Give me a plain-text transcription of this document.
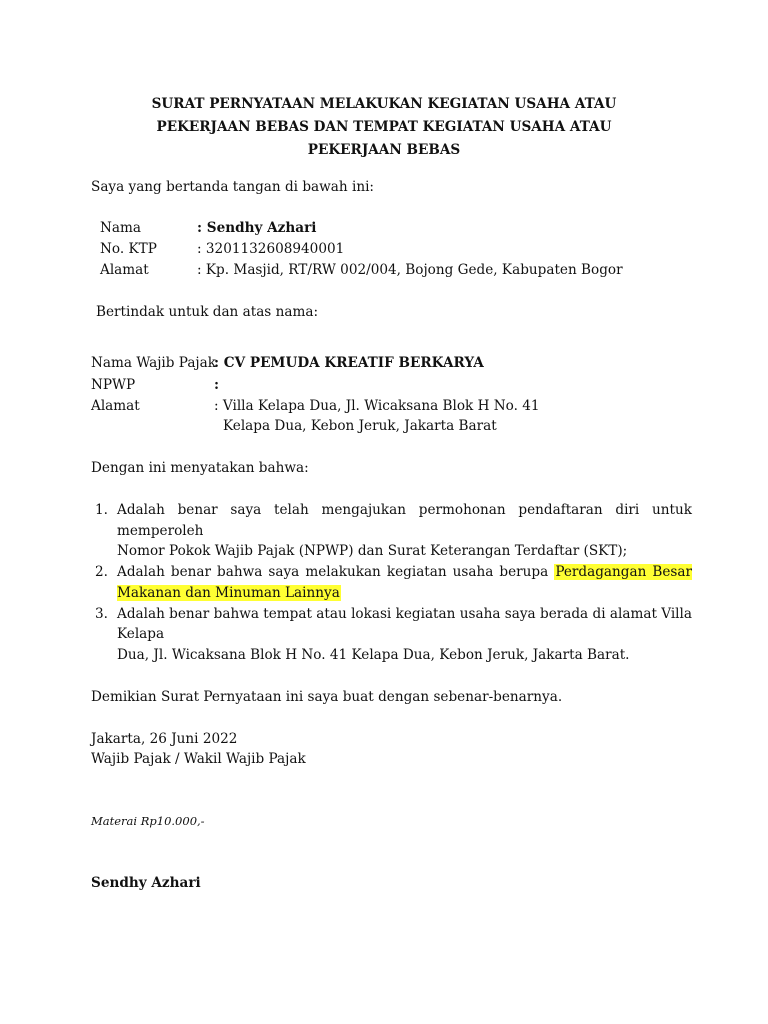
SURAT PERNYATAAN MELAKUKAN KEGIATAN USAHA ATAU
PEKERJAAN BEBAS DAN TEMPAT KEGIATAN USAHA ATAU
PEKERJAAN BEBAS
Saya yang bertanda tangan di bawah ini:
Nama	: Sendhy Azhari
No. KTP	: 3201132608940001
Alamat	: Kp. Masjid, RT/RW 002/004, Bojong Gede, Kabupaten Bogor
Bertindak untuk dan atas nama:
Nama Wajib Pajak
: CV PEMUDA KREATIF BERKARYA
NPWP	:
Alamat	: Villa Kelapa Dua, Jl. Wicaksana Blok H No. 41
Kelapa Dua, Kebon Jeruk, Jakarta Barat
Dengan ini menyatakan bahwa:
1. Adalah benar saya telah mengajukan permohonan pendaftaran diri untuk memperoleh
Nomor Pokok Wajib Pajak (NPWP) dan Surat Keterangan Terdaftar (SKT);
2. Adalah benar bahwa saya melakukan kegiatan usaha berupa Perdagangan Besar Makanan dan Minuman Lainnya
3. Adalah benar bahwa tempat atau lokasi kegiatan usaha saya berada di alamat Villa Kelapa
Dua, Jl. Wicaksana Blok H No. 41 Kelapa Dua, Kebon Jeruk, Jakarta Barat.
Demikian Surat Pernyataan ini saya buat dengan sebenar-benarnya.
Jakarta, 26 Juni 2022
Wajib Pajak / Wakil Wajib Pajak
Materai Rp10.000,-
Sendhy Azhari
